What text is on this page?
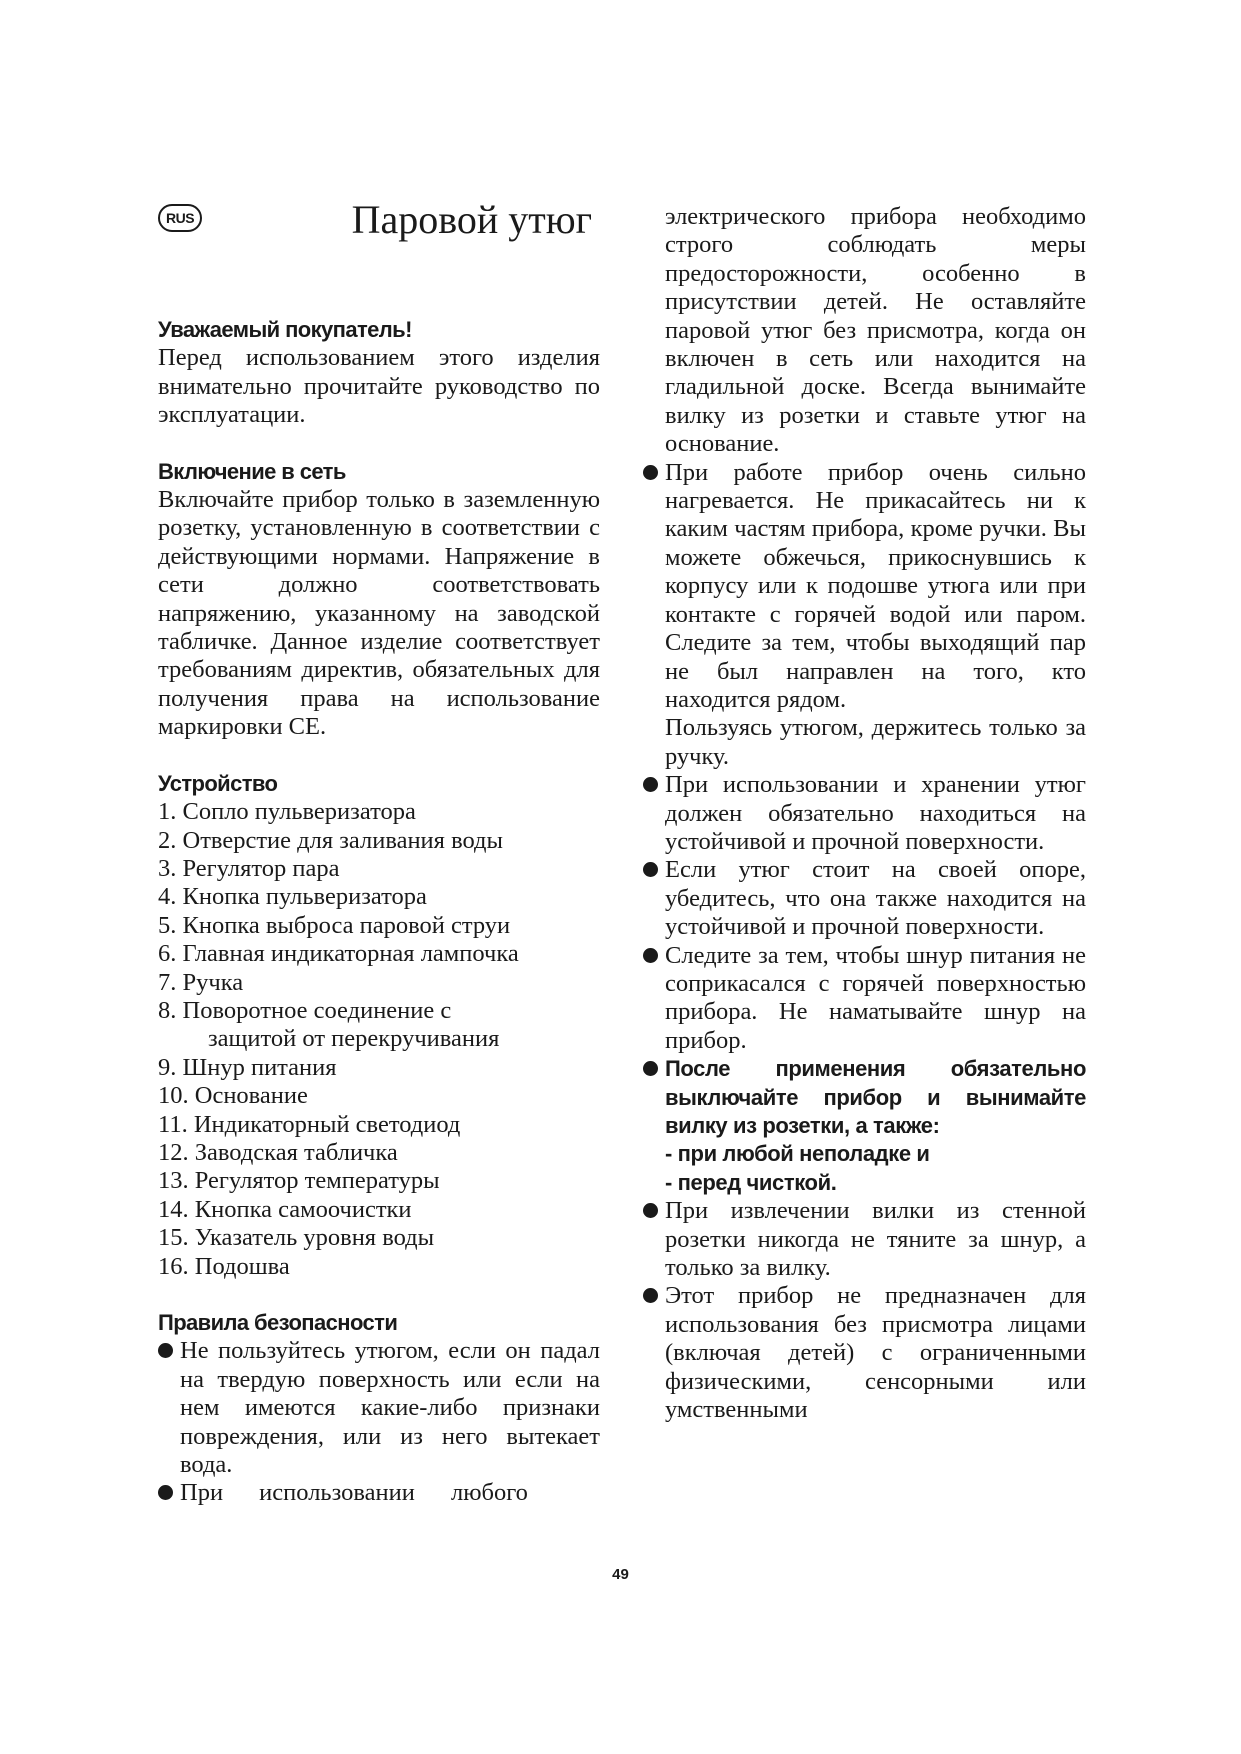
RUS	Паровой утюг
Уважаемый покупатель!

Перед использованием этого изделия внимательно прочитайте руководство по эксплуатации.

Включение в сеть

Включайте прибор только в заземленную розетку, установленную в соответствии с действующими нормами. Напряжение в сети должно соответствовать напряжению, указанному на заводской табличке. Данное изделие соответствует требованиям директив, обязательных для получения права на использование маркировки CE.

Устройство
1. Сопло пульверизатора
2. Отверстие для заливания воды
3. Регулятор пара
4. Кнопка пульверизатора
5. Кнопка выброса паровой струи
6. Главная индикаторная лампочка
7. Ручка
8. Поворотное соединение с
защитой от перекручивания
9. Шнур питания
10. Основание
11. Индикаторный светодиод
12. Заводская табличка
13. Регулятор температуры
14. Кнопка самоочистки
15. Указатель уровня воды
16. Подошва
Правила безопасности
Не пользуйтесь утюгом, если он падал на твердую поверхность или если на нем имеются какие-либо признаки повреждения, или из него вытекает вода.
При использовании любого
электрического прибора необходимо строго соблюдать меры предосторожности, особенно в присутствии детей. Не оставляйте паровой утюг без присмотра, когда он включен в сеть или находится на гладильной доске. Всегда вынимайте вилку из розетки и ставьте утюг на основание.
При работе прибор очень сильно нагревается. Не прикасайтесь ни к каким частям прибора, кроме ручки. Вы можете обжечься, прикоснувшись к корпусу или к подошве утюга или при контакте с горячей водой или паром. Следите за тем, чтобы выходящий пар не был направлен на того, кто находится рядом.
Пользуясь утюгом, держитесь только за ручку.
При использовании и хранении утюг должен обязательно находиться на устойчивой и прочной поверхности.
Если утюг стоит на своей опоре, убедитесь, что она также находится на устойчивой и прочной поверхности.
Следите за тем, чтобы шнур питания не соприкасался с горячей поверхностью прибора. Не наматывайте шнур на прибор.
После применения обязательно выключайте прибор и вынимайте вилку из розетки, а также:
- при любой неполадке и
- перед чисткой.
При извлечении вилки из стенной розетки никогда не тяните за шнур, а только за вилку.
Этот прибор не предназначен для использования без присмотра лицами (включая детей) с ограниченными физическими, сенсорными или умственными
49
